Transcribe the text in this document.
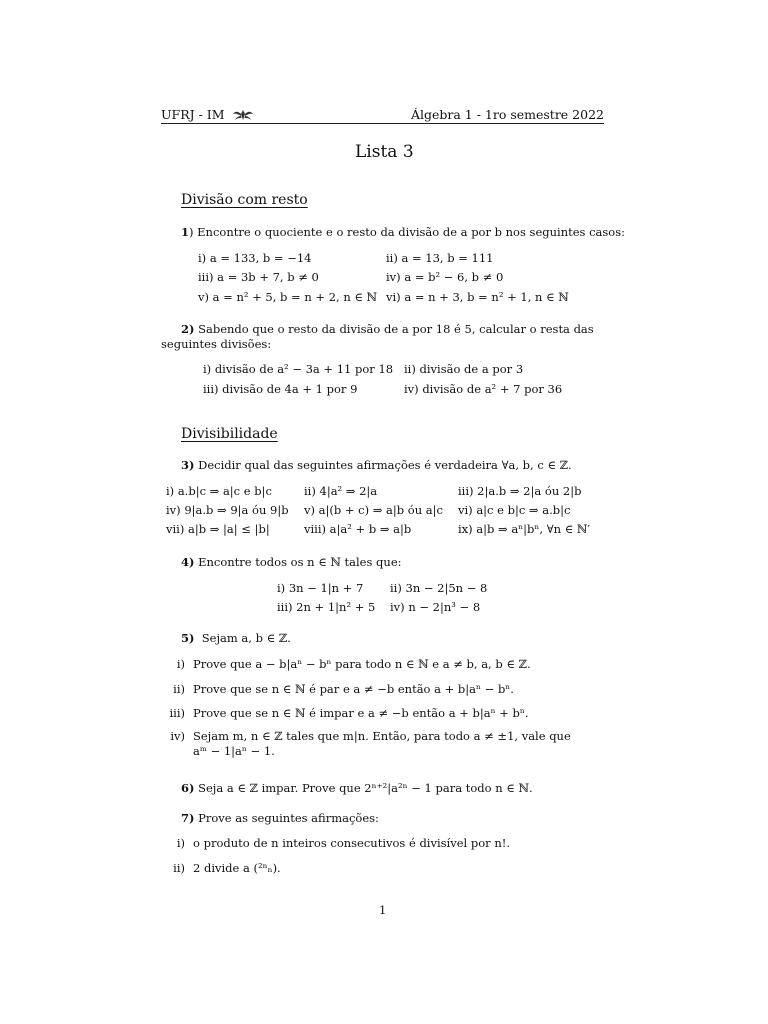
UFRJ - IM	Álgebra 1 - 1ro semestre 2022
Lista 3
Divisão com resto
1) Encontre o quociente e o resto da divisão de a por b nos seguintes casos:
i) a = 133, b = −14	ii) a = 13, b = 111
iii) a = 3b + 7, b ≠ 0	iv) a = b² − 6, b ≠ 0
v) a = n² + 5, b = n + 2, n ∈ ℕ vi) a = n + 3, b = n² + 1, n ∈ ℕ
2) Sabendo que o resto da divisão de a por 18 é 5, calcular o resta das
seguintes divisões:
i) divisão de a² − 3a + 11 por 18 ii) divisão de a por 3
iii) divisão de 4a + 1 por 9	iv) divisão de a² + 7 por 36
Divisibilidade
3) Decidir qual das seguintes afirmações é verdadeira ∀a, b, c ∈ ℤ.
i) a.b|c ⇒ a|c e b|c	ii) 4|a² ⇒ 2|a	iii) 2|a.b ⇒ 2|a óu 2|b
iv) 9|a.b ⇒ 9|a óu 9|b v) a|(b + c) ⇒ a|b óu a|c vi) a|c e b|c ⇒ a.b|c
vii) a|b ⇒ |a| ≤ |b|	viii) a|a² + b ⇒ a|b	ix) a|b ⇒ aⁿ|bⁿ, ∀n ∈ ℕ′
4) Encontre todos os n ∈ ℕ tales que:
i) 3n − 1|n + 7 ii) 3n − 2|5n − 8
iii) 2n + 1|n² + 5 iv) n − 2|n³ − 8
5) Sejam a, b ∈ ℤ.
i) Prove que a − b|aⁿ − bⁿ para todo n ∈ ℕ e a ≠ b, a, b ∈ ℤ.
ii) Prove que se n ∈ ℕ é par e a ≠ −b então a + b|aⁿ − bⁿ.
iii) Prove que se n ∈ ℕ é impar e a ≠ −b então a + b|aⁿ + bⁿ.
iv) Sejam m, n ∈ ℤ tales que m|n. Então, para todo a ≠ ±1, vale que
aᵐ − 1|aⁿ − 1.
6) Seja a ∈ ℤ impar. Prove que 2ⁿ⁺²|a²ⁿ − 1 para todo n ∈ ℕ.
7) Prove as seguintes afirmações:
i) o produto de n inteiros consecutivos é divisível por n!.
ii) 2 divide a (²ⁿₙ).
1
